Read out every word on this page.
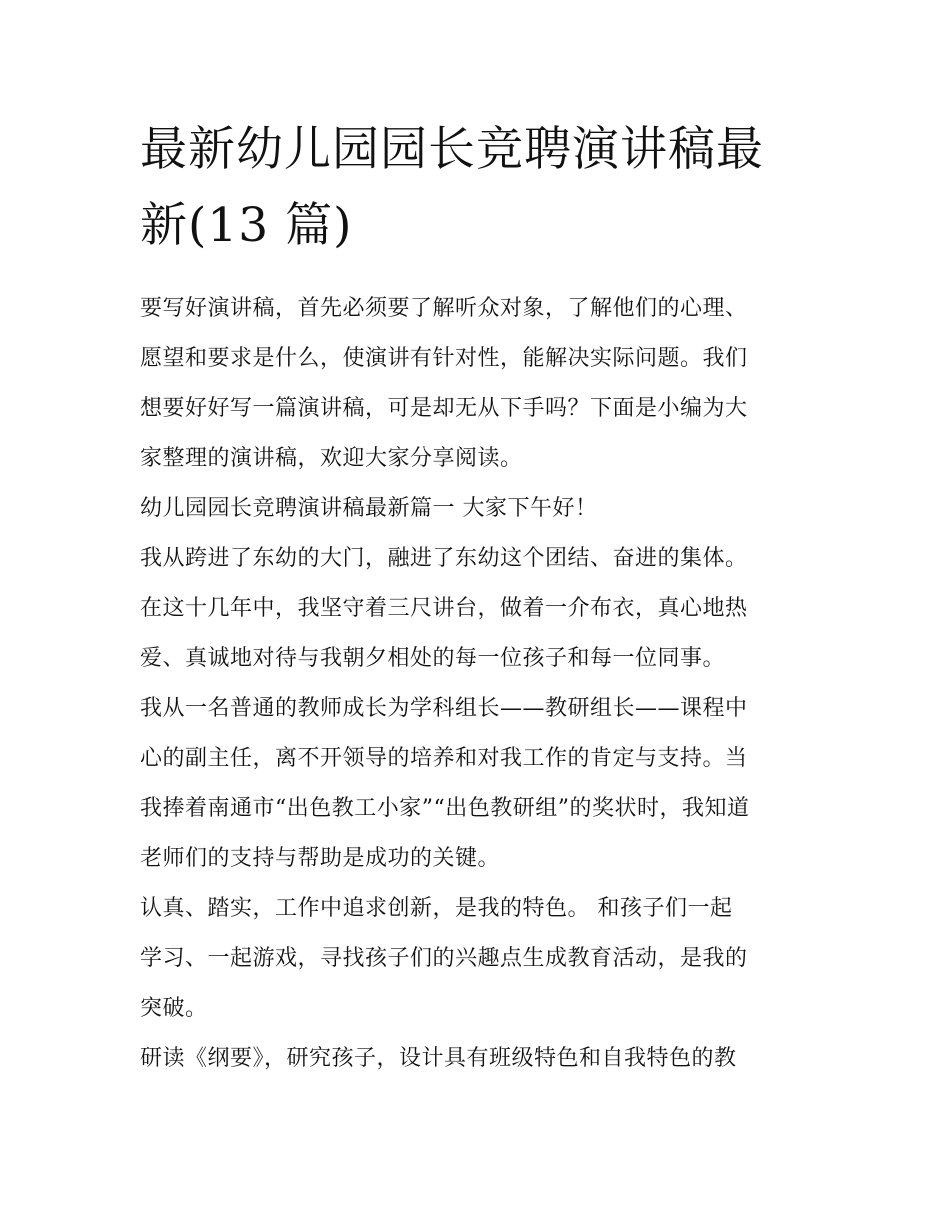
最新幼儿园园长竞聘演讲稿最
新(13 篇)
要写好演讲稿，首先必须要了解听众对象，了解他们的心理、
愿望和要求是什么，使演讲有针对性，能解决实际问题。我们
想要好好写一篇演讲稿，可是却无从下手吗？下面是小编为大
家整理的演讲稿，欢迎大家分享阅读。
幼儿园园长竞聘演讲稿最新篇一 大家下午好！
我从跨进了东幼的大门，融进了东幼这个团结、奋进的集体。
在这十几年中，我坚守着三尺讲台，做着一介布衣，真心地热
爱、真诚地对待与我朝夕相处的每一位孩子和每一位同事。
我从一名普通的教师成长为学科组长——教研组长——课程中
心的副主任，离不开领导的培养和对我工作的肯定与支持。当
我捧着南通市“出色教工小家”“出色教研组”的奖状时，我知道
老师们的支持与帮助是成功的关键。
认真、踏实，工作中追求创新，是我的特色。 和孩子们一起
学习、一起游戏，寻找孩子们的兴趣点生成教育活动，是我的
突破。
研读《纲要》，研究孩子，设计具有班级特色和自我特色的教
